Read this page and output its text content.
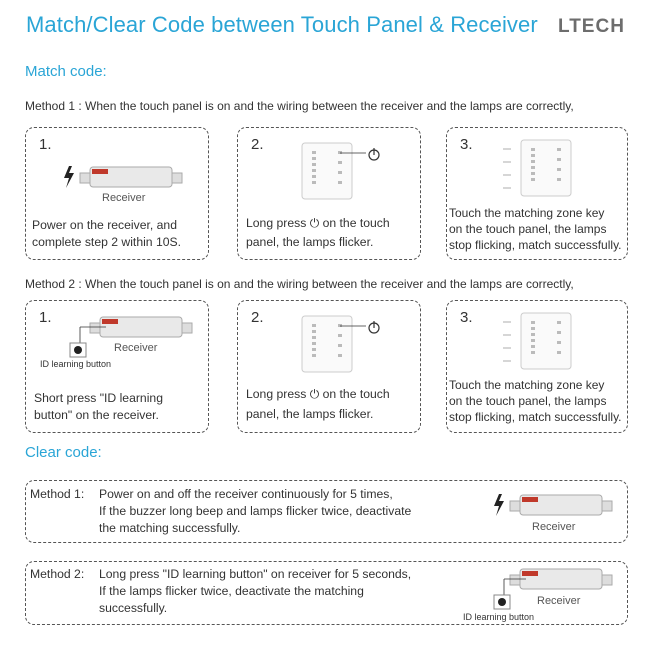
Match/Clear Code between Touch Panel & Receiver LTECH
Match code:
Method 1 : When the touch panel is on and the wiring between the receiver and the lamps are correctly,
1.
Receiver
Power on the receiver, and
complete step 2 within 10S.
2.
Long press ⏻ on the touch
panel, the lamps flicker.
3.
Touch the matching zone key
on the touch panel, the lamps
stop flicking, match successfully.
Method 2 : When the touch panel is on and the wiring between the receiver and the lamps are correctly,
1.
Receiver
ID learning button
Short press "ID learning
button" on the receiver.
2.
Long press ⏻ on the touch
panel, the lamps flicker.
3.
Touch the matching zone key
on the touch panel, the lamps
stop flicking, match successfully.
Clear code:
Method 1: Power on and off the receiver continuously for 5 times,
If the buzzer long beep and lamps flicker twice, deactivate
the matching successfully.	Receiver
Method 2: Long press "ID learning button" on receiver for 5 seconds,
If the lamps flicker twice, deactivate the matching
successfully.	Receiver
ID learning button
